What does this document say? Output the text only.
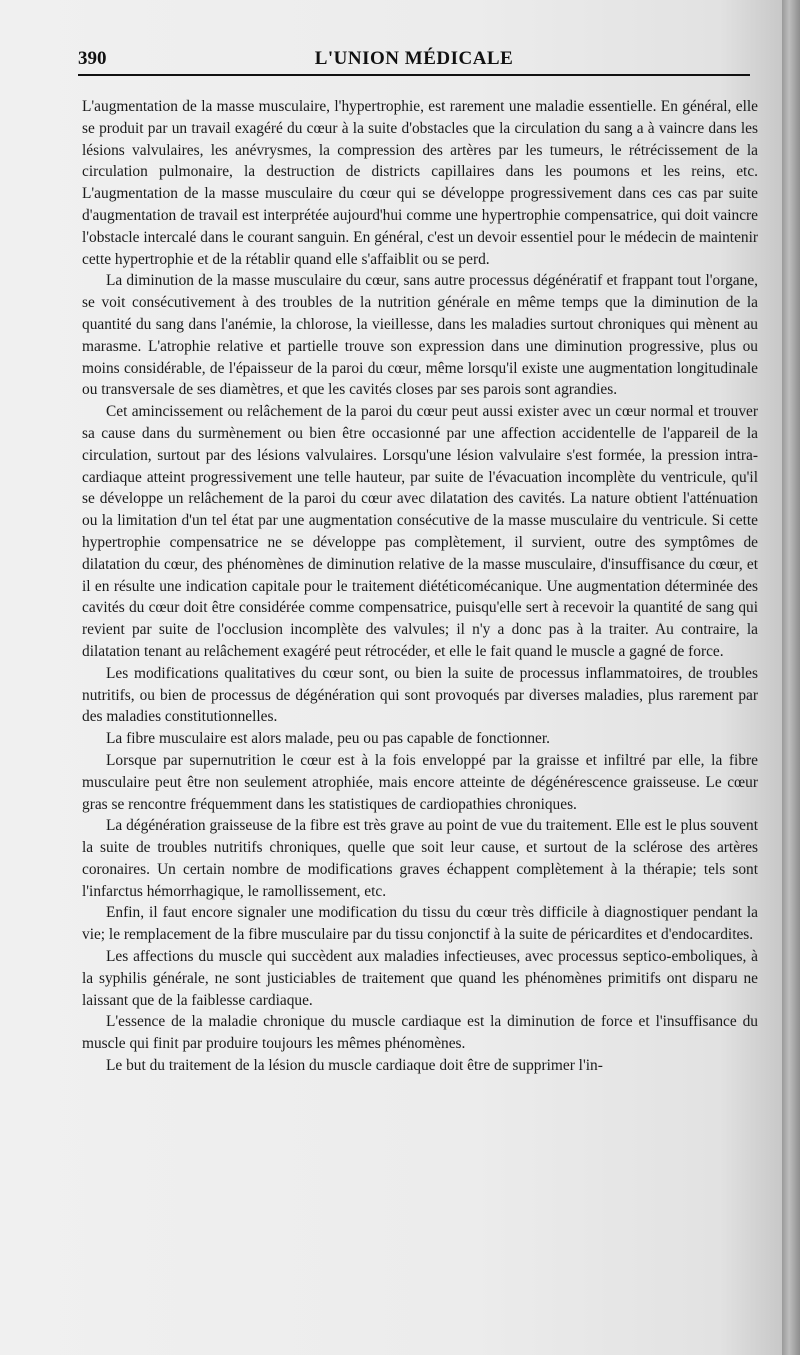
390	L'UNION MÉDICALE

L'augmentation de la masse musculaire, l'hypertrophie, est rarement une maladie essentielle. En général, elle se produit par un travail exagéré du cœur à la suite d'obstacles que la circulation du sang a à vaincre dans les lésions valvulaires, les anévrysmes, la compression des artères par les tumeurs, le rétrécissement de la circulation pulmonaire, la destruction de districts capillaires dans les poumons et les reins, etc. L'augmentation de la masse musculaire du cœur qui se développe progressivement dans ces cas par suite d'augmentation de travail est interprétée aujourd'hui comme une hypertrophie compensatrice, qui doit vaincre l'obstacle intercalé dans le courant sanguin. En général, c'est un devoir essentiel pour le médecin de maintenir cette hypertrophie et de la rétablir quand elle s'affaiblit ou se perd.

La diminution de la masse musculaire du cœur, sans autre processus dégénératif et frappant tout l'organe, se voit consécutivement à des troubles de la nutrition générale en même temps que la diminution de la quantité du sang dans l'anémie, la chlorose, la vieillesse, dans les maladies surtout chroniques qui mènent au marasme. L'atrophie relative et partielle trouve son expression dans une diminution progressive, plus ou moins considérable, de l'épaisseur de la paroi du cœur, même lorsqu'il existe une augmentation longitudinale ou transversale de ses diamètres, et que les cavités closes par ses parois sont agrandies.

Cet amincissement ou relâchement de la paroi du cœur peut aussi exister avec un cœur normal et trouver sa cause dans du surmènement ou bien être occasionné par une affection accidentelle de l'appareil de la circulation, surtout par des lésions valvulaires. Lorsqu'une lésion valvulaire s'est formée, la pression intra-cardiaque atteint progressivement une telle hauteur, par suite de l'évacuation incomplète du ventricule, qu'il se développe un relâchement de la paroi du cœur avec dilatation des cavités. La nature obtient l'atténuation ou la limitation d'un tel état par une augmentation consécutive de la masse musculaire du ventricule. Si cette hypertrophie compensatrice ne se développe pas complètement, il survient, outre des symptômes de dilatation du cœur, des phénomènes de diminution relative de la masse musculaire, d'insuffisance du cœur, et il en résulte une indication capitale pour le traitement diététicomécanique. Une augmentation déterminée des cavités du cœur doit être considérée comme compensatrice, puisqu'elle sert à recevoir la quantité de sang qui revient par suite de l'occlusion incomplète des valvules; il n'y a donc pas à la traiter. Au contraire, la dilatation tenant au relâchement exagéré peut rétrocéder, et elle le fait quand le muscle a gagné de force.

Les modifications qualitatives du cœur sont, ou bien la suite de processus inflammatoires, de troubles nutritifs, ou bien de processus de dégénération qui sont provoqués par diverses maladies, plus rarement par des maladies constitutionnelles.

La fibre musculaire est alors malade, peu ou pas capable de fonctionner.

Lorsque par supernutrition le cœur est à la fois enveloppé par la graisse et infiltré par elle, la fibre musculaire peut être non seulement atrophiée, mais encore atteinte de dégénérescence graisseuse. Le cœur gras se rencontre fréquemment dans les statistiques de cardiopathies chroniques.

La dégénération graisseuse de la fibre est très grave au point de vue du traitement. Elle est le plus souvent la suite de troubles nutritifs chroniques, quelle que soit leur cause, et surtout de la sclérose des artères coronaires. Un certain nombre de modifications graves échappent complètement à la thérapie; tels sont l'infarctus hémorrhagique, le ramollissement, etc.

Enfin, il faut encore signaler une modification du tissu du cœur très difficile à diagnostiquer pendant la vie; le remplacement de la fibre musculaire par du tissu conjonctif à la suite de péricardites et d'endocardites.

Les affections du muscle qui succèdent aux maladies infectieuses, avec processus septico-emboliques, à la syphilis générale, ne sont justiciables de traitement que quand les phénomènes primitifs ont disparu ne laissant que de la faiblesse cardiaque.

L'essence de la maladie chronique du muscle cardiaque est la diminution de force et l'insuffisance du muscle qui finit par produire toujours les mêmes phénomènes.

Le but du traitement de la lésion du muscle cardiaque doit être de supprimer l'in-
